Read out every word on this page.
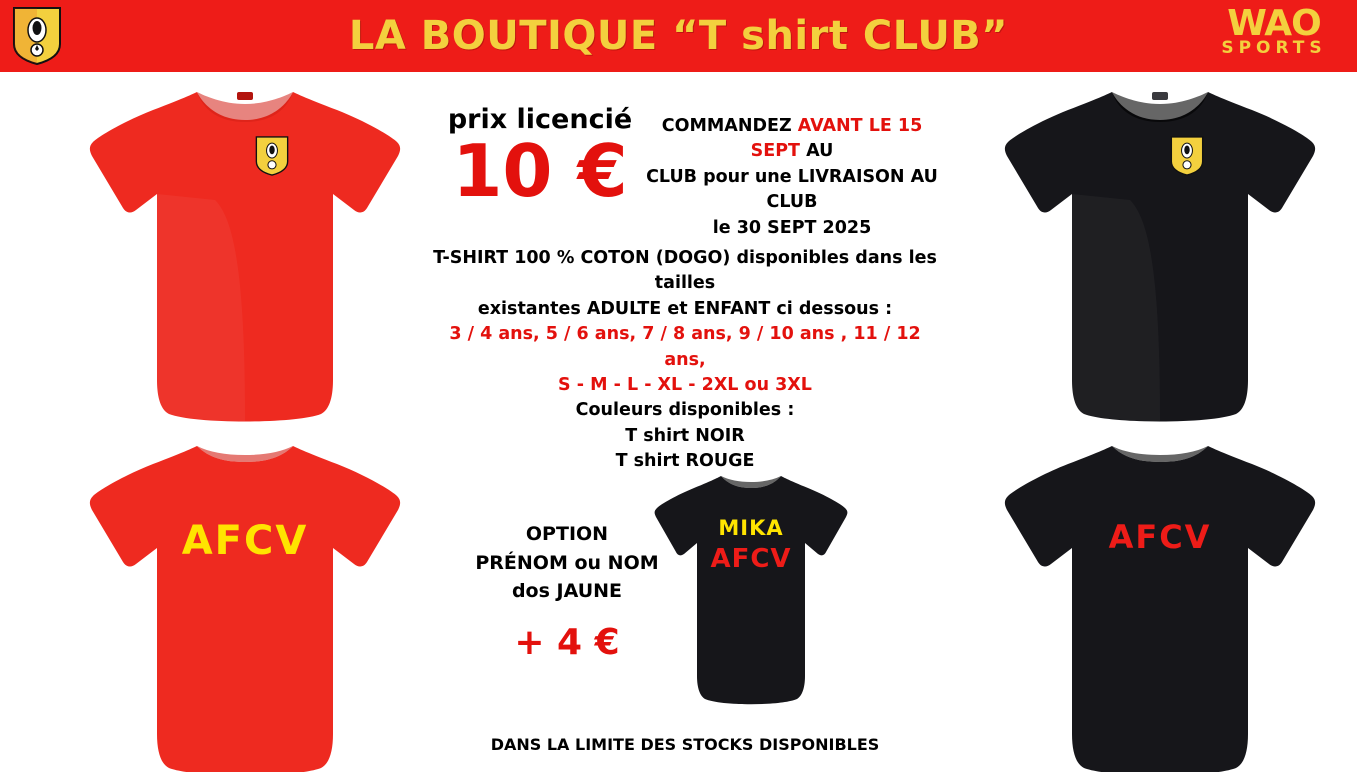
LA BOUTIQUE “T shirt CLUB”	WAO
SPORTS
AFCV	AFCV
MIKA
AFCV
prix licencié
10 €
COMMANDEZ AVANT LE 15 SEPT AU
CLUB pour une LIVRAISON AU CLUB
le 30 SEPT 2025
T-SHIRT 100 % COTON (DOGO) disponibles dans les tailles
existantes ADULTE et ENFANT ci dessous :
3 / 4 ans, 5 / 6 ans, 7 / 8 ans, 9 / 10 ans , 11 / 12 ans,
S - M - L - XL - 2XL ou 3XL
Couleurs disponibles :
T shirt NOIR
T shirt ROUGE
OPTION
PRÉNOM ou NOM
dos JAUNE
+ 4 €
DANS LA LIMITE DES STOCKS DISPONIBLES
